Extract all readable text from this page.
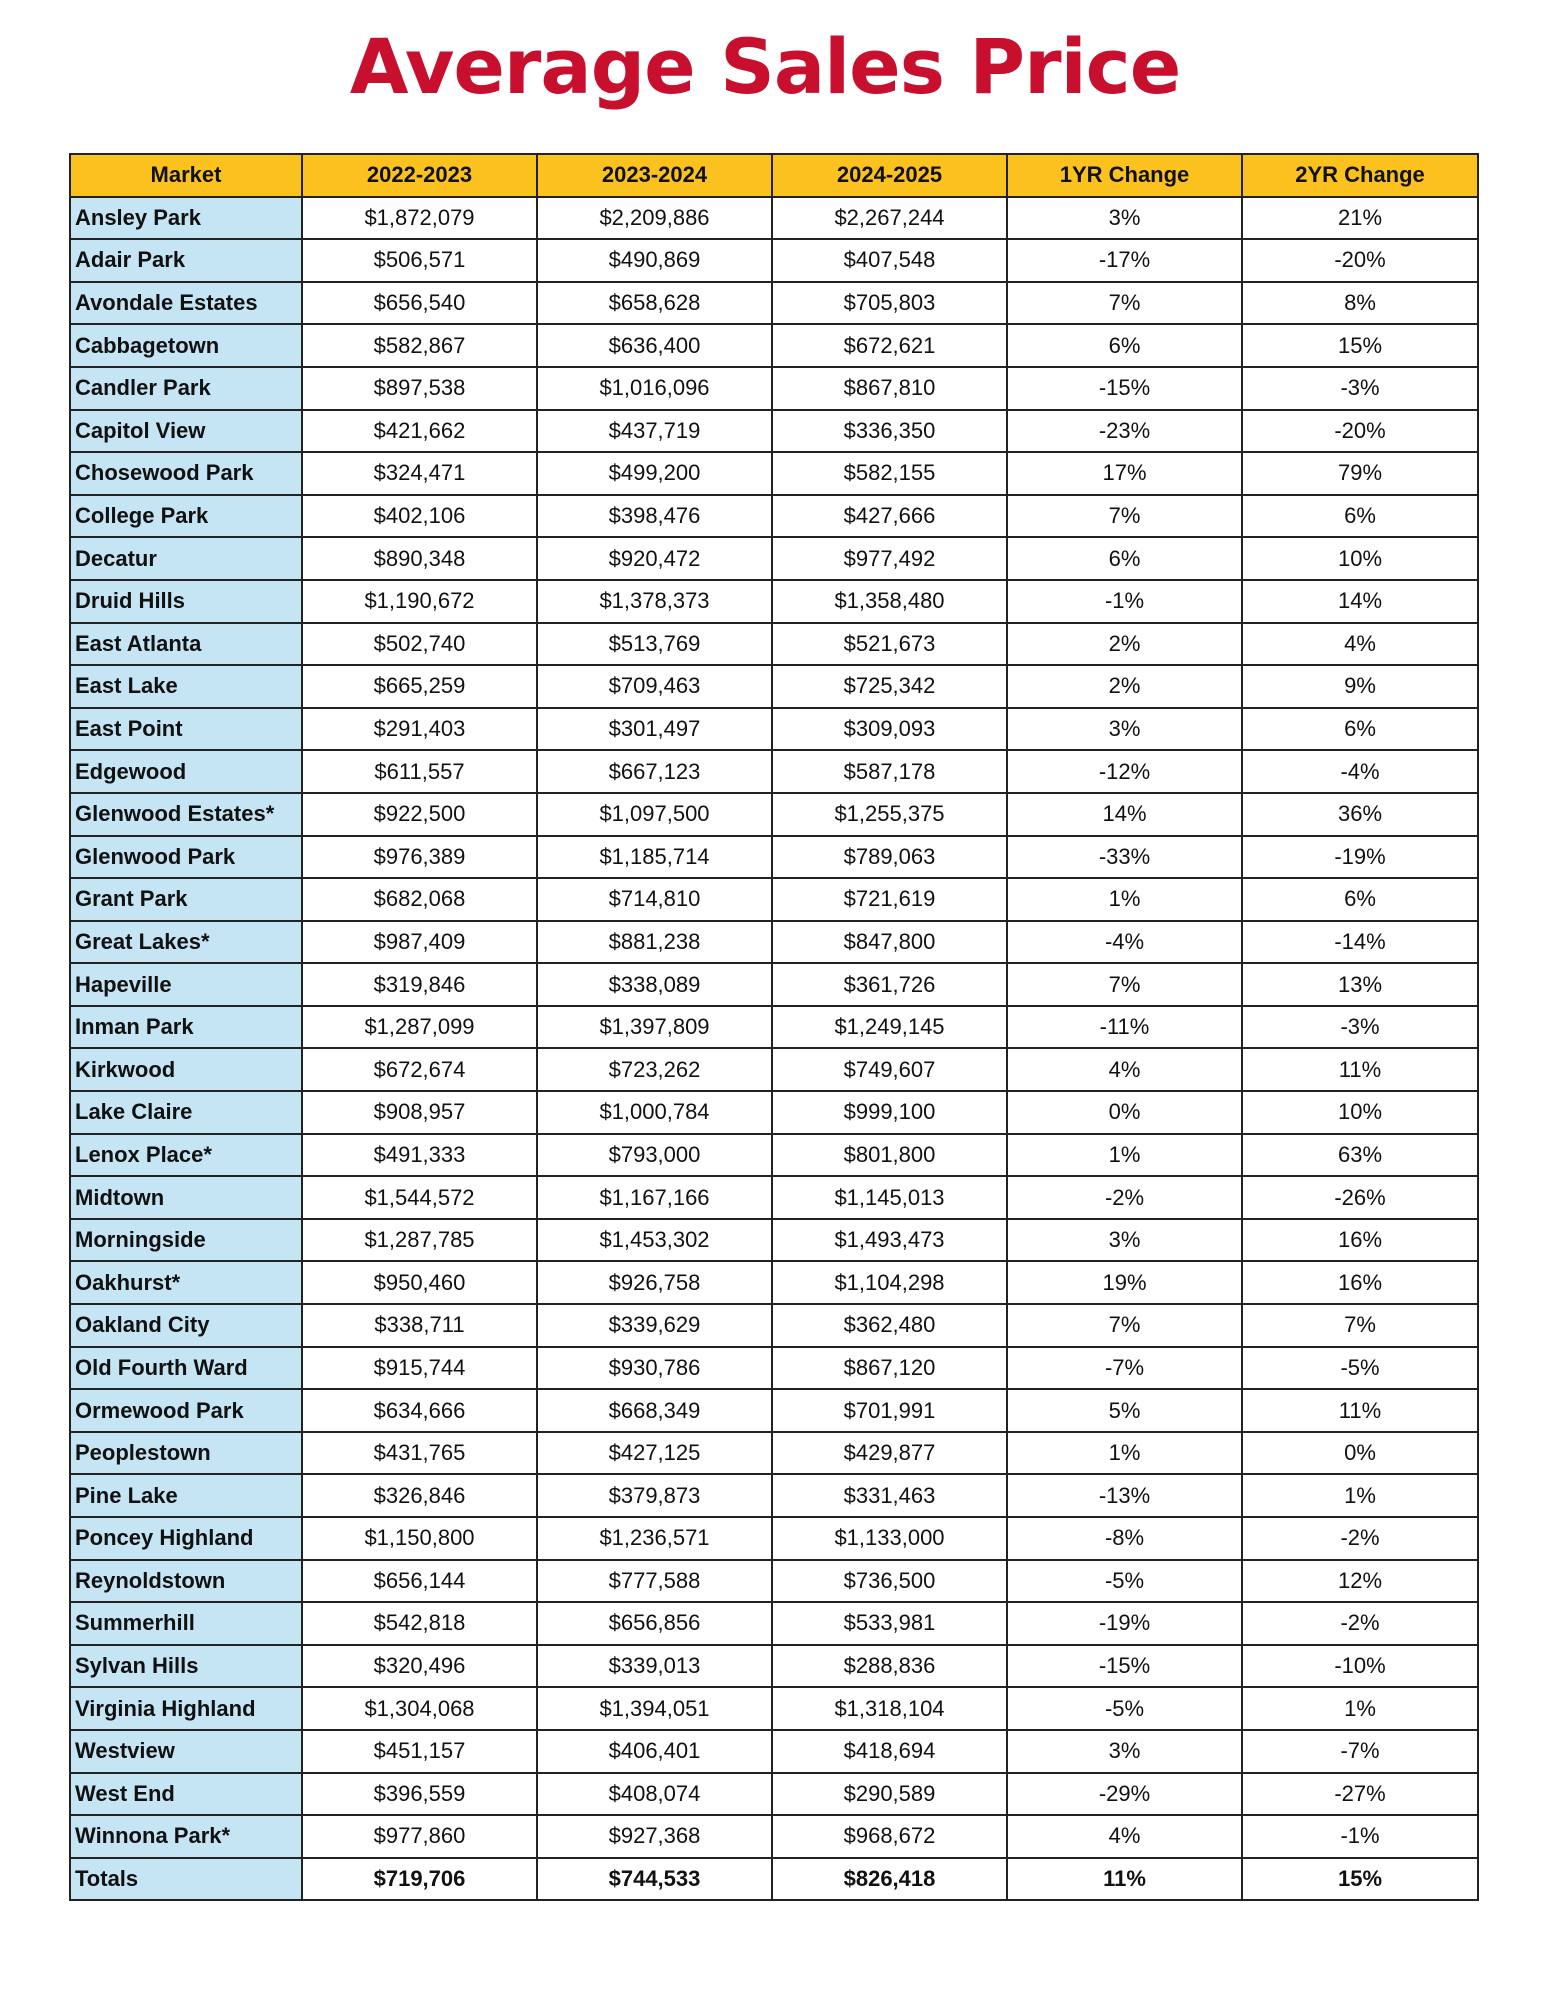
Average Sales Price
Market	2022-2023	2023-2024	2024-2025	1YR Change	2YR Change
Ansley Park	$1,872,079	$2,209,886	$2,267,244	3%	21%
Adair Park	$506,571	$490,869	$407,548	-17%	-20%
Avondale Estates	$656,540	$658,628	$705,803	7%	8%
Cabbagetown	$582,867	$636,400	$672,621	6%	15%
Candler Park	$897,538	$1,016,096	$867,810	-15%	-3%
Capitol View	$421,662	$437,719	$336,350	-23%	-20%
Chosewood Park	$324,471	$499,200	$582,155	17%	79%
College Park	$402,106	$398,476	$427,666	7%	6%
Decatur	$890,348	$920,472	$977,492	6%	10%
Druid Hills	$1,190,672	$1,378,373	$1,358,480	-1%	14%
East Atlanta	$502,740	$513,769	$521,673	2%	4%
East Lake	$665,259	$709,463	$725,342	2%	9%
East Point	$291,403	$301,497	$309,093	3%	6%
Edgewood	$611,557	$667,123	$587,178	-12%	-4%
Glenwood Estates*	$922,500	$1,097,500	$1,255,375	14%	36%
Glenwood Park	$976,389	$1,185,714	$789,063	-33%	-19%
Grant Park	$682,068	$714,810	$721,619	1%	6%
Great Lakes*	$987,409	$881,238	$847,800	-4%	-14%
Hapeville	$319,846	$338,089	$361,726	7%	13%
Inman Park	$1,287,099	$1,397,809	$1,249,145	-11%	-3%
Kirkwood	$672,674	$723,262	$749,607	4%	11%
Lake Claire	$908,957	$1,000,784	$999,100	0%	10%
Lenox Place*	$491,333	$793,000	$801,800	1%	63%
Midtown	$1,544,572	$1,167,166	$1,145,013	-2%	-26%
Morningside	$1,287,785	$1,453,302	$1,493,473	3%	16%
Oakhurst*	$950,460	$926,758	$1,104,298	19%	16%
Oakland City	$338,711	$339,629	$362,480	7%	7%
Old Fourth Ward	$915,744	$930,786	$867,120	-7%	-5%
Ormewood Park	$634,666	$668,349	$701,991	5%	11%
Peoplestown	$431,765	$427,125	$429,877	1%	0%
Pine Lake	$326,846	$379,873	$331,463	-13%	1%
Poncey Highland	$1,150,800	$1,236,571	$1,133,000	-8%	-2%
Reynoldstown	$656,144	$777,588	$736,500	-5%	12%
Summerhill	$542,818	$656,856	$533,981	-19%	-2%
Sylvan Hills	$320,496	$339,013	$288,836	-15%	-10%
Virginia Highland	$1,304,068	$1,394,051	$1,318,104	-5%	1%
Westview	$451,157	$406,401	$418,694	3%	-7%
West End	$396,559	$408,074	$290,589	-29%	-27%
Winnona Park*	$977,860	$927,368	$968,672	4%	-1%
Totals	$719,706	$744,533	$826,418	11%	15%
